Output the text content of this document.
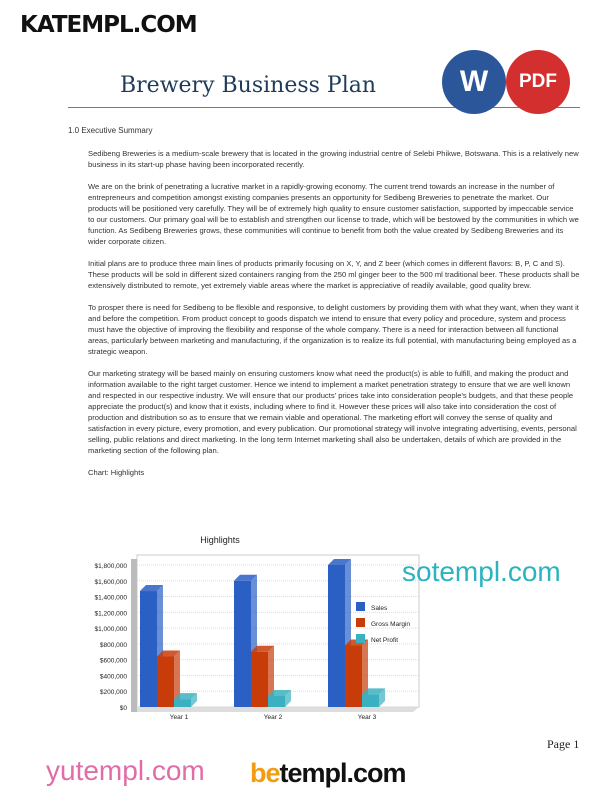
Brewery Business Plan	W	PDF
1.0 Executive Summary

Sedibeng Breweries is a medium-scale brewery that is located in the growing industrial centre of Selebi Phikwe, Botswana. This is a relatively new business in its start-up phase having been incorporated recently.

We are on the brink of penetrating a lucrative market in a rapidly-growing economy. The current trend towards an increase in the number of entrepreneurs and competition amongst existing companies presents an opportunity for Sedibeng Breweries to penetrate the market. Our products will be positioned very carefully. They will be of extremely high quality to ensure customer satisfaction, supported by impeccable service to our customers. Our primary goal will be to establish and strengthen our license to trade, which will be bestowed by the communities in which we function. As Sedibeng Breweries grows, these communities will continue to benefit from both the value created by Sedibeng Breweries and its wider corporate citizen.

Initial plans are to produce three main lines of products primarily focusing on X, Y, and Z beer (which comes in different flavors: B, P, C and S). These products will be sold in different sized containers ranging from the 250 ml ginger beer to the 500 ml traditional beer. These products shall be extensively distributed to remote, yet extremely viable areas where the market is appreciative of readily available, good quality brew.

To prosper there is need for Sedibeng to be flexible and responsive, to delight customers by providing them with what they want, when they want it and before the competition. From product concept to goods dispatch we intend to ensure that every policy and procedure, system and process must have the objective of improving the flexibility and response of the whole company. There is a need for interaction between all functional areas, particularly between marketing and manufacturing, if the organization is to realize its full potential, with manufacturing being employed as a strategic weapon.

Our marketing strategy will be based mainly on ensuring customers know what need the product(s) is able to fulfill, and making the product and information available to the right target customer. Hence we intend to implement a market penetration strategy to ensure that we are well known and respected in our respective industry. We will ensure that our products' prices take into consideration people's budgets, and that these people appreciate the product(s) and know that it exists, including where to find it. However these prices will also take into consideration the cost of production and distribution so as to ensure that we remain viable and operational. The marketing effort will convey the sense of quality and satisfaction in every picture, every promotion, and every publication. Our promotional strategy will involve integrating advertising, events, personal selling, public relations and direct marketing. In the long term Internet marketing shall also be undertaken, details of which are provided in the marketing section of the following plan.

Chart: Highlights

Highlights
$0
$200,000
$400,000
$600,000
$800,000
$1,000,000
$1,200,000
$1,400,000
$1,600,000
$1,800,000
Year 1	Year 2	Year 3
Sales
Gross Margin
Net Profit
KATEMPL.COM
betempl.com
sotempl.com
yutempl.com
Page 1
